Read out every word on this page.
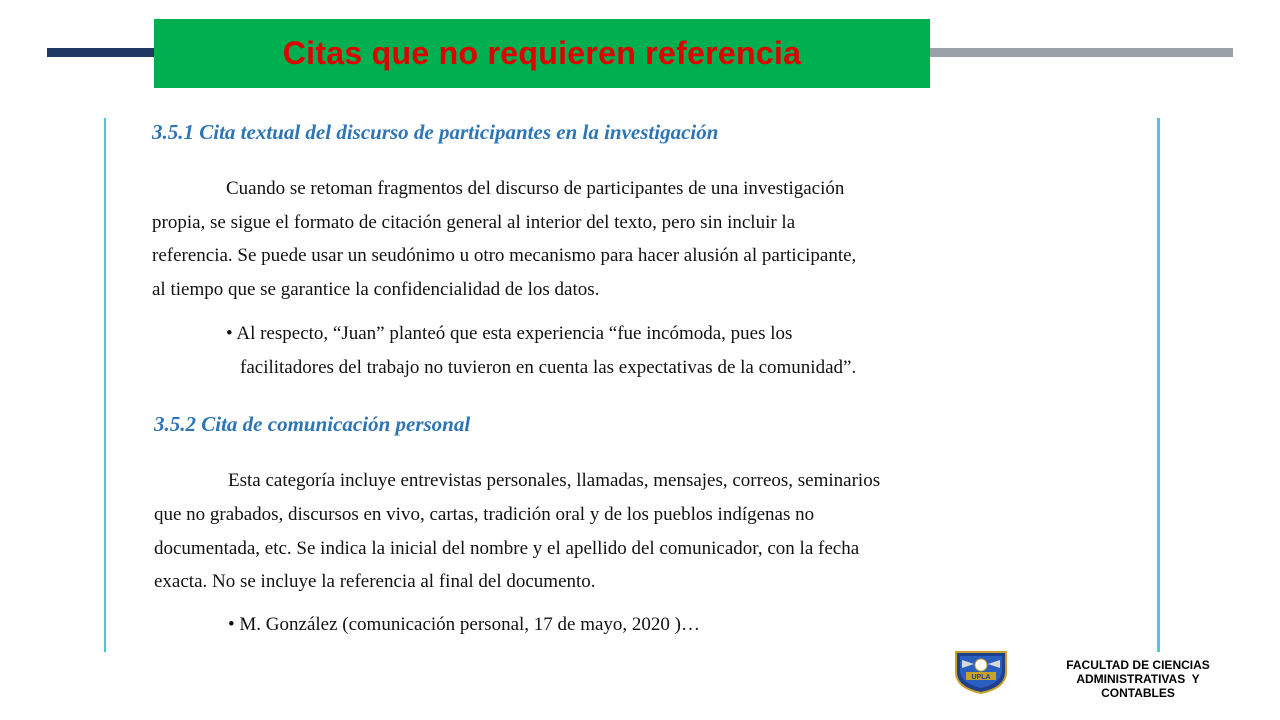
Citas que no requieren referencia

3.5.1 Cita textual del discurso de participantes en la investigación

Cuando se retoman fragmentos del discurso de participantes de una investigación

propia, se sigue el formato de citación general al interior del texto, pero sin incluir la

referencia. Se puede usar un seudónimo u otro mecanismo para hacer alusión al participante,

al tiempo que se garantice la confidencialidad de los datos.

• Al respecto, “Juan” planteó que esta experiencia “fue incómoda, pues los

facilitadores del trabajo no tuvieron en cuenta las expectativas de la comunidad”.

3.5.2 Cita de comunicación personal

Esta categoría incluye entrevistas personales, llamadas, mensajes, correos, seminarios

que no grabados, discursos en vivo, cartas, tradición oral y de los pueblos indígenas no

documentada, etc. Se indica la inicial del nombre y el apellido del comunicador, con la fecha

exacta. No se incluye la referencia al final del documento.

• M. González (comunicación personal, 17 de mayo, 2020 )…

UPLA
FACULTAD DE CIENCIAS
ADMINISTRATIVAS  Y
CONTABLES
